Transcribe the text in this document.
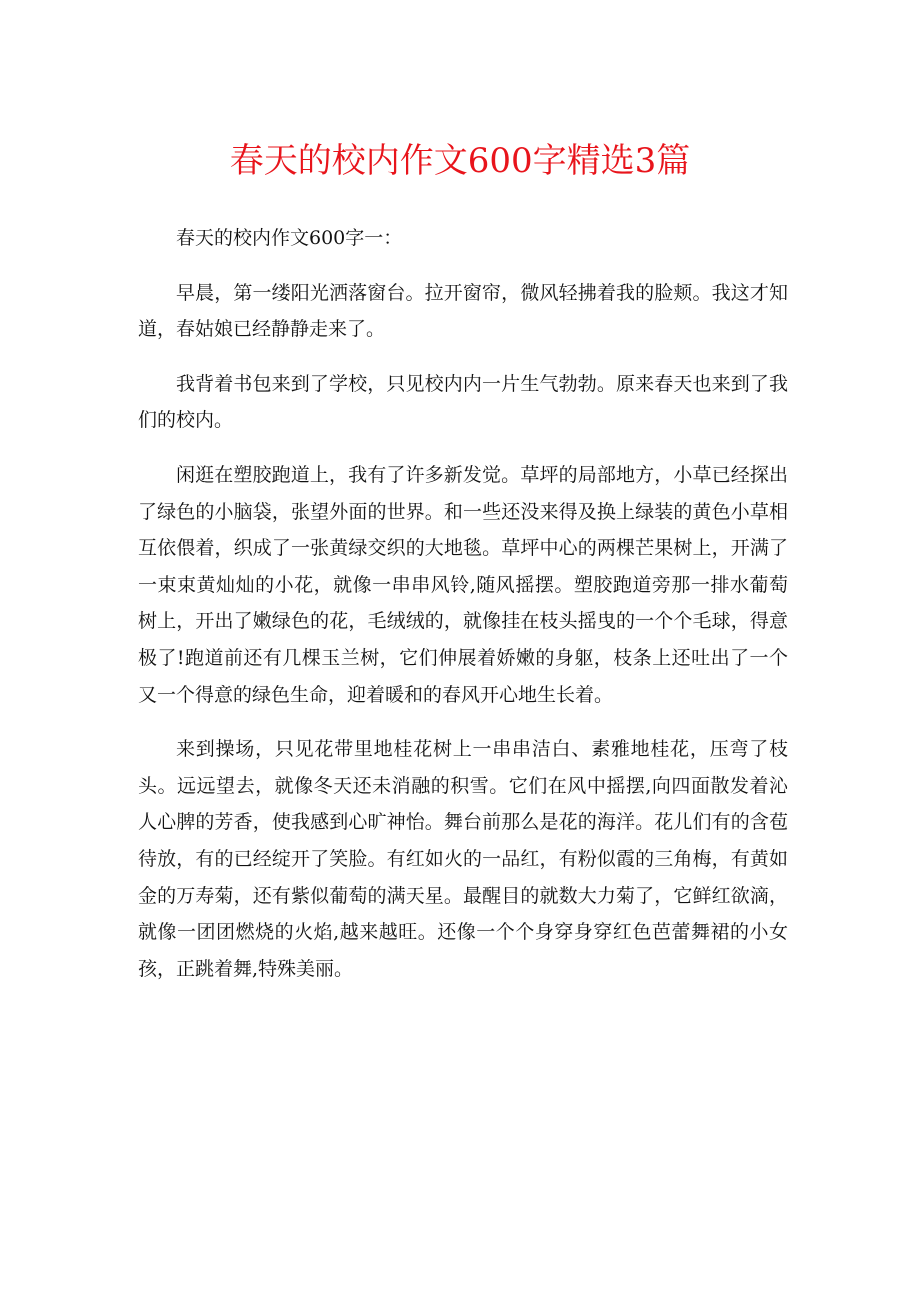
春天的校内作文600字精选3篇

春天的校内作文600字一：

早晨，第一缕阳光洒落窗台。拉开窗帘，微风轻拂着我的脸颊。我这才知道，春姑娘已经静静走来了。

我背着书包来到了学校，只见校内内一片生气勃勃。原来春天也来到了我们的校内。

闲逛在塑胶跑道上，我有了许多新发觉。草坪的局部地方，小草已经探出了绿色的小脑袋，张望外面的世界。和一些还没来得及换上绿装的黄色小草相互依偎着，织成了一张黄绿交织的大地毯。草坪中心的两棵芒果树上，开满了一束束黄灿灿的小花，就像一串串风铃,随风摇摆。塑胶跑道旁那一排水葡萄树上，开出了嫩绿色的花，毛绒绒的，就像挂在枝头摇曳的一个个毛球，得意极了!跑道前还有几棵玉兰树，它们伸展着娇嫩的身躯，枝条上还吐出了一个又一个得意的绿色生命，迎着暖和的春风开心地生长着。

来到操场，只见花带里地桂花树上一串串洁白、素雅地桂花，压弯了枝头。远远望去，就像冬天还未消融的积雪。它们在风中摇摆,向四面散发着沁人心脾的芳香，使我感到心旷神怡。舞台前那么是花的海洋。花儿们有的含苞待放，有的已经绽开了笑脸。有红如火的一品红，有粉似霞的三角梅，有黄如金的万寿菊，还有紫似葡萄的满天星。最醒目的就数大力菊了，它鲜红欲滴，就像一团团燃烧的火焰,越来越旺。还像一个个身穿身穿红色芭蕾舞裙的小女孩，正跳着舞,特殊美丽。
